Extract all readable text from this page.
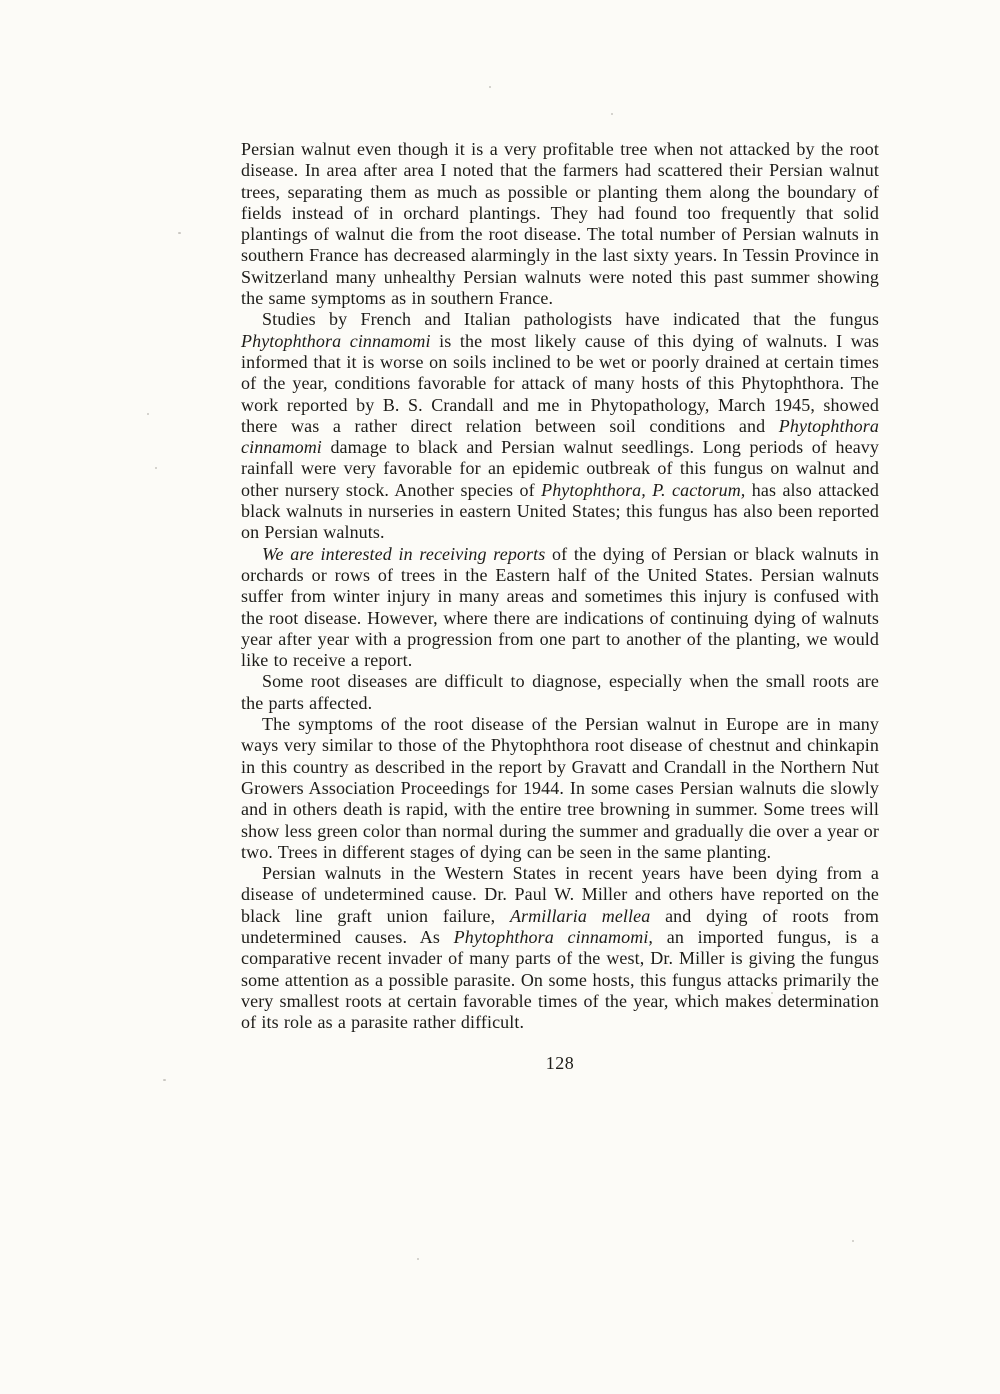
Persian walnut even though it is a very profitable tree when not attacked by the root disease. In area after area I noted that the farmers had scattered their Persian walnut trees, separating them as much as possible or planting them along the boundary of fields instead of in orchard plantings. They had found too frequently that solid plantings of walnut die from the root disease. The total number of Persian walnuts in southern France has decreased alarmingly in the last sixty years. In Tessin Province in Switzerland many unhealthy Persian walnuts were noted this past summer showing the same symptoms as in southern France.

Studies by French and Italian pathologists have indicated that the fungus Phytophthora cinnamomi is the most likely cause of this dying of walnuts. I was informed that it is worse on soils inclined to be wet or poorly drained at certain times of the year, conditions favorable for attack of many hosts of this Phytophthora. The work reported by B. S. Crandall and me in Phytopathology, March 1945, showed there was a rather direct relation between soil conditions and Phytophthora cinnamomi damage to black and Persian walnut seedlings. Long periods of heavy rainfall were very favorable for an epidemic outbreak of this fungus on walnut and other nursery stock. Another species of Phytophthora, P. cactorum, has also attacked black walnuts in nurseries in eastern United States; this fungus has also been reported on Persian walnuts.

We are interested in receiving reports of the dying of Persian or black walnuts in orchards or rows of trees in the Eastern half of the United States. Persian walnuts suffer from winter injury in many areas and sometimes this injury is confused with the root disease. However, where there are indications of continuing dying of walnuts year after year with a progression from one part to another of the planting, we would like to receive a report.

Some root diseases are difficult to diagnose, especially when the small roots are the parts affected.

The symptoms of the root disease of the Persian walnut in Europe are in many ways very similar to those of the Phytophthora root disease of chestnut and chinkapin in this country as described in the report by Gravatt and Crandall in the Northern Nut Growers Association Proceedings for 1944. In some cases Persian walnuts die slowly and in others death is rapid, with the entire tree browning in summer. Some trees will show less green color than normal during the summer and gradually die over a year or two. Trees in different stages of dying can be seen in the same planting.

Persian walnuts in the Western States in recent years have been dying from a disease of undetermined cause. Dr. Paul W. Miller and others have reported on the black line graft union failure, Armillaria mellea and dying of roots from undetermined causes. As Phytophthora cinnamomi, an imported fungus, is a comparative recent invader of many parts of the west, Dr. Miller is giving the fungus some attention as a possible parasite. On some hosts, this fungus attacks primarily the very smallest roots at certain favorable times of the year, which makes determination of its role as a parasite rather difficult.

128
